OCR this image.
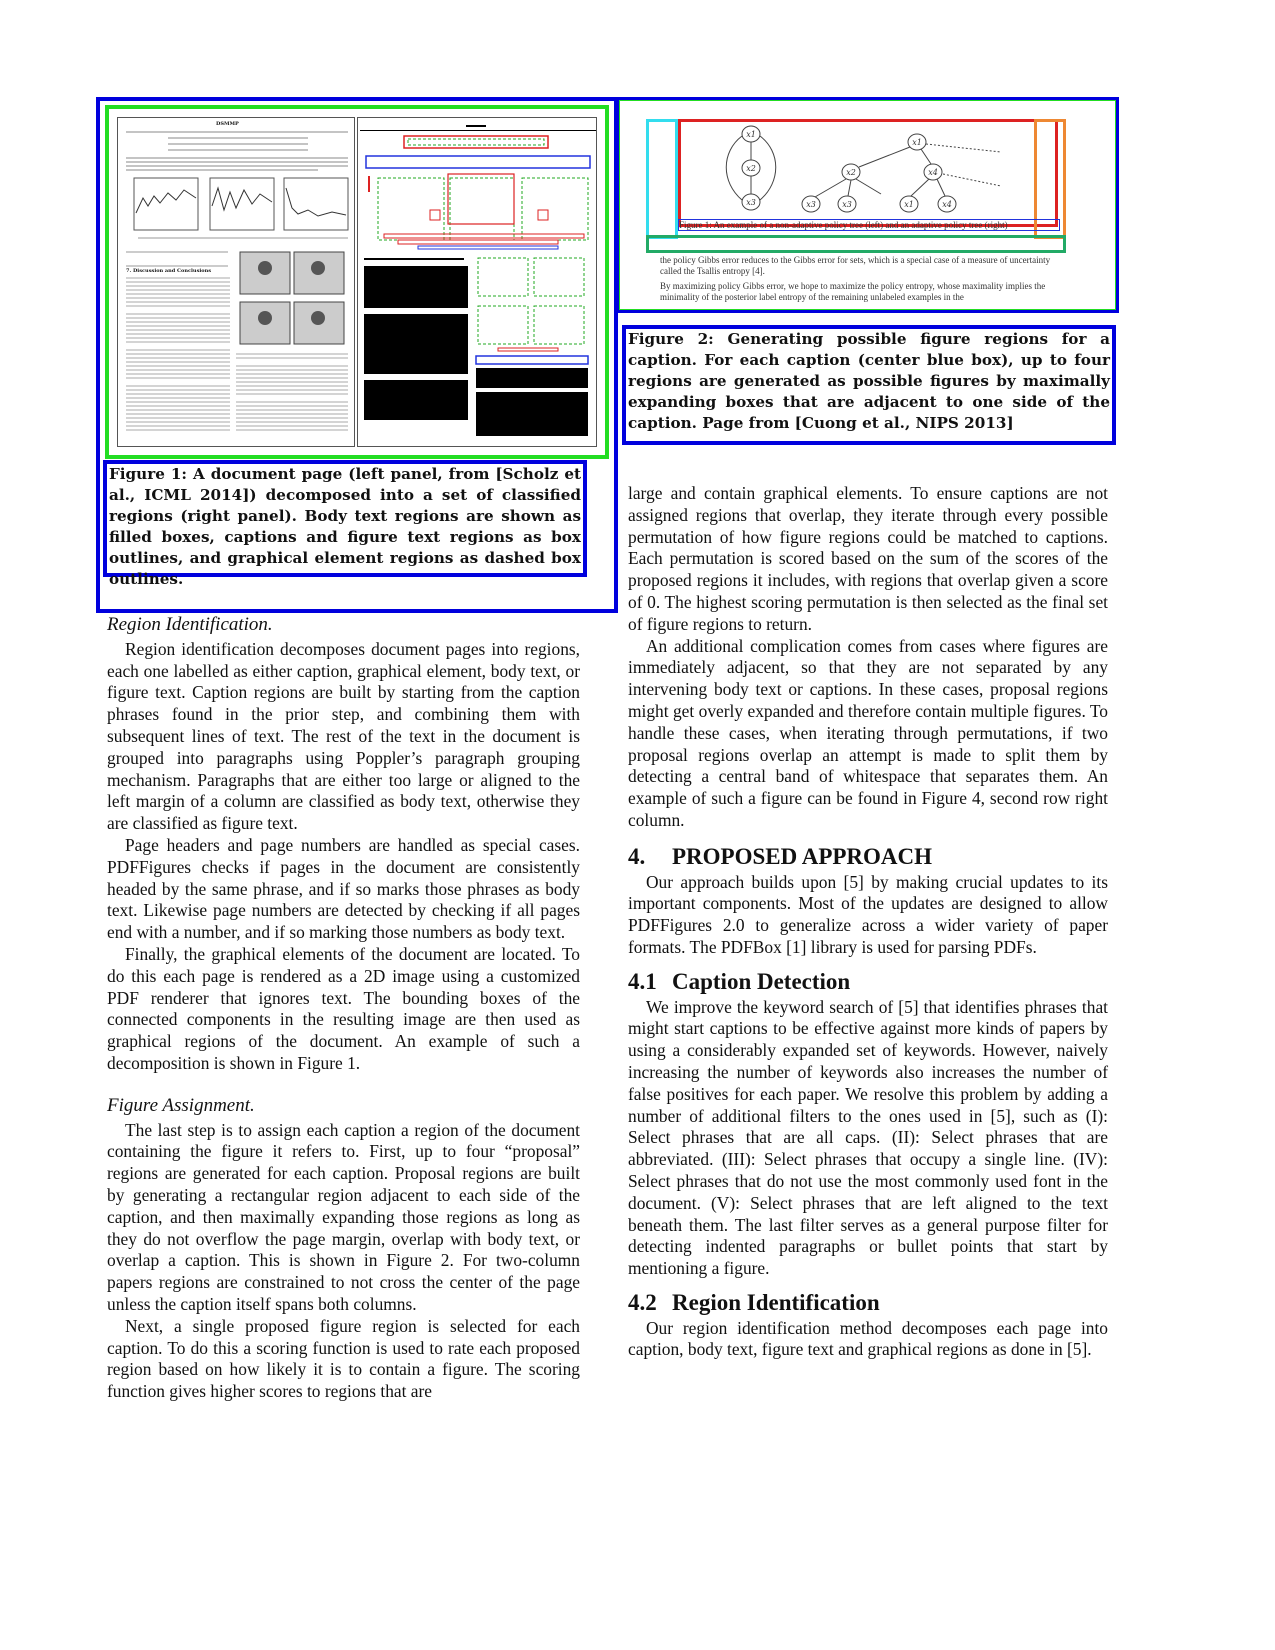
DSMMP
7. Discussion and Conclusions
Figure 1: A document page (left panel, from [Scholz et al., ICML 2014]) decomposed into a set of classified regions (right panel). Body text regions are shown as filled boxes, captions and figure text regions as box outlines, and graphical element regions as dashed box outlines.
x1
x2
x3
x1
x2	x4
x3	x3	x1	x4
Figure 1: An example of a non-adaptive policy tree (left) and an adaptive policy tree (right)
the policy Gibbs error reduces to the Gibbs error for sets, which is a special case of a measure of uncertainty called the Tsallis entropy [4].
By maximizing policy Gibbs error, we hope to maximize the policy entropy, whose maximality implies the minimality of the posterior label entropy of the remaining unlabeled examples in the
Figure 2: Generating possible figure regions for a caption. For each caption (center blue box), up to four regions are generated as possible figures by maximally expanding boxes that are adjacent to one side of the caption. Page from [Cuong et al., NIPS 2013]
Region Identification.

Region identification decomposes document pages into regions, each one labelled as either caption, graphical element, body text, or figure text. Caption regions are built by starting from the caption phrases found in the prior step, and combining them with subsequent lines of text. The rest of the text in the document is grouped into paragraphs using Poppler’s paragraph grouping mechanism. Paragraphs that are either too large or aligned to the left margin of a column are classified as body text, otherwise they are classified as figure text.

Page headers and page numbers are handled as special cases. PDFFigures checks if pages in the document are consistently headed by the same phrase, and if so marks those phrases as body text. Likewise page numbers are detected by checking if all pages end with a number, and if so marking those numbers as body text.

Finally, the graphical elements of the document are located. To do this each page is rendered as a 2D image using a customized PDF renderer that ignores text. The bounding boxes of the connected components in the resulting image are then used as graphical regions of the document. An example of such a decomposition is shown in Figure 1.

Figure Assignment.

The last step is to assign each caption a region of the document containing the figure it refers to. First, up to four “proposal” regions are generated for each caption. Proposal regions are built by generating a rectangular region adjacent to each side of the caption, and then maximally expanding those regions as long as they do not overflow the page margin, overlap with body text, or overlap a caption. This is shown in Figure 2. For two-column papers regions are constrained to not cross the center of the page unless the caption itself spans both columns.

Next, a single proposed figure region is selected for each caption. To do this a scoring function is used to rate each proposed region based on how likely it is to contain a figure. The scoring function gives higher scores to regions that are

large and contain graphical elements. To ensure captions are not assigned regions that overlap, they iterate through every possible permutation of how figure regions could be matched to captions. Each permutation is scored based on the sum of the scores of the proposed regions it includes, with regions that overlap given a score of 0. The highest scoring permutation is then selected as the final set of figure regions to return.

An additional complication comes from cases where figures are immediately adjacent, so that they are not separated by any intervening body text or captions. In these cases, proposal regions might get overly expanded and therefore contain multiple figures. To handle these cases, when iterating through permutations, if two proposal regions overlap an attempt is made to split them by detecting a central band of whitespace that separates them. An example of such a figure can be found in Figure 4, second row right column.

4. PROPOSED APPROACH

Our approach builds upon [5] by making crucial updates to its important components. Most of the updates are designed to allow PDFFigures 2.0 to generalize across a wider variety of paper formats. The PDFBox [1] library is used for parsing PDFs.

4.1 Caption Detection

We improve the keyword search of [5] that identifies phrases that might start captions to be effective against more kinds of papers by using a considerably expanded set of keywords. However, naively increasing the number of keywords also increases the number of false positives for each paper. We resolve this problem by adding a number of additional filters to the ones used in [5], such as (I): Select phrases that are all caps. (II): Select phrases that are abbreviated. (III): Select phrases that occupy a single line. (IV): Select phrases that do not use the most commonly used font in the document. (V): Select phrases that are left aligned to the text beneath them. The last filter serves as a general purpose filter for detecting indented paragraphs or bullet points that start by mentioning a figure.

4.2 Region Identification

Our region identification method decomposes each page into caption, body text, figure text and graphical regions as done in [5].
